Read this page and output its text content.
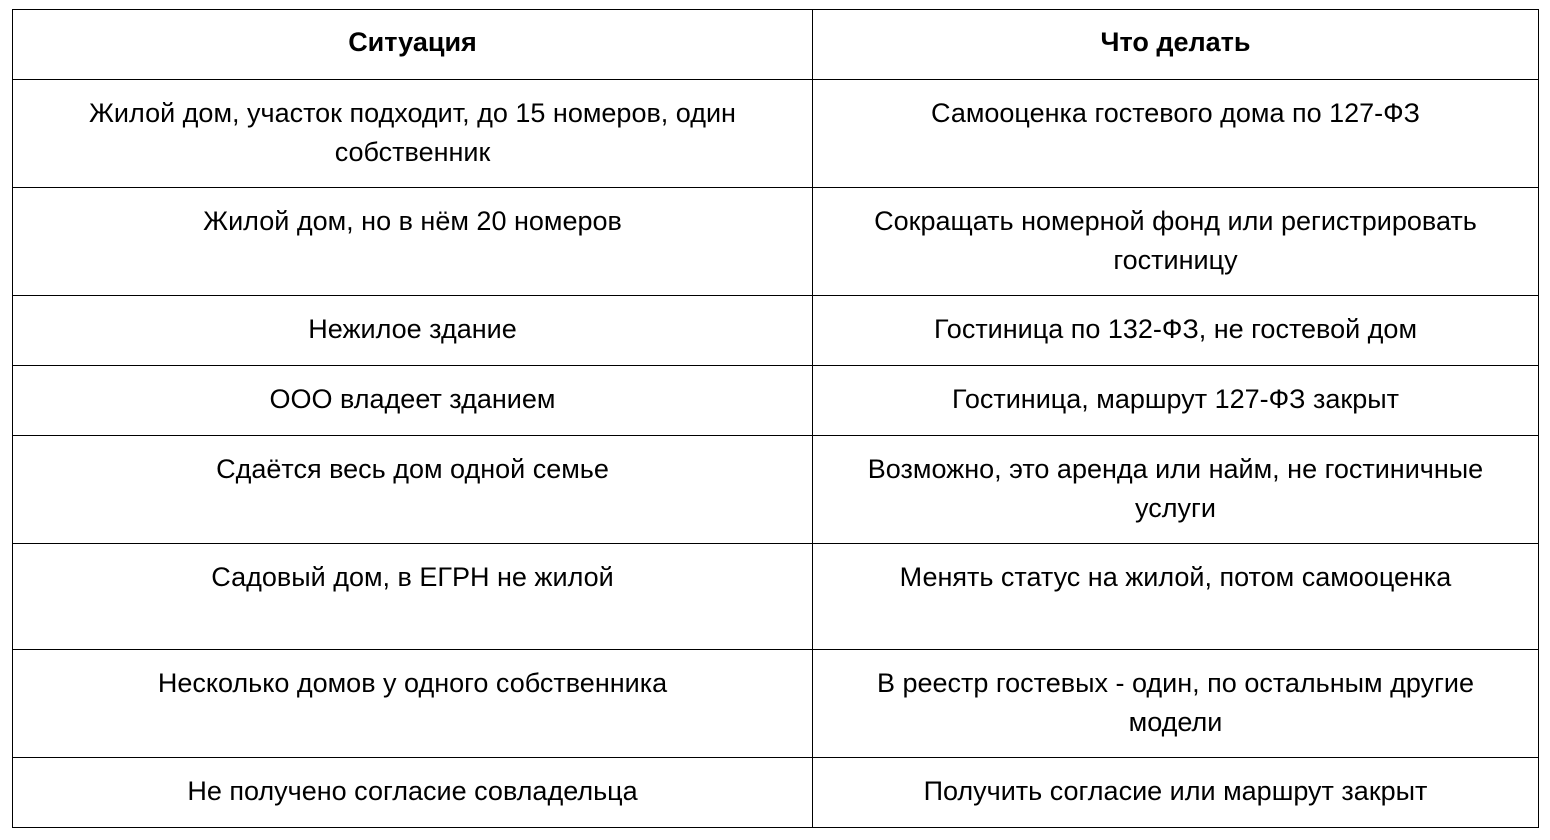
Ситуация	Что делать
Жилой дом, участок подходит, до 15 номеров, один собственник	Самооценка гостевого дома по 127-ФЗ
Жилой дом, но в нём 20 номеров	Сокращать номерной фонд или регистрировать гостиницу
Нежилое здание	Гостиница по 132-ФЗ, не гостевой дом
ООО владеет зданием	Гостиница, маршрут 127-ФЗ закрыт
Сдаётся весь дом одной семье	Возможно, это аренда или найм, не гостиничные услуги
Садовый дом, в ЕГРН не жилой	Менять статус на жилой, потом самооценка
Несколько домов у одного собственника	В реестр гостевых - один, по остальным другие модели
Не получено согласие совладельца	Получить согласие или маршрут закрыт
